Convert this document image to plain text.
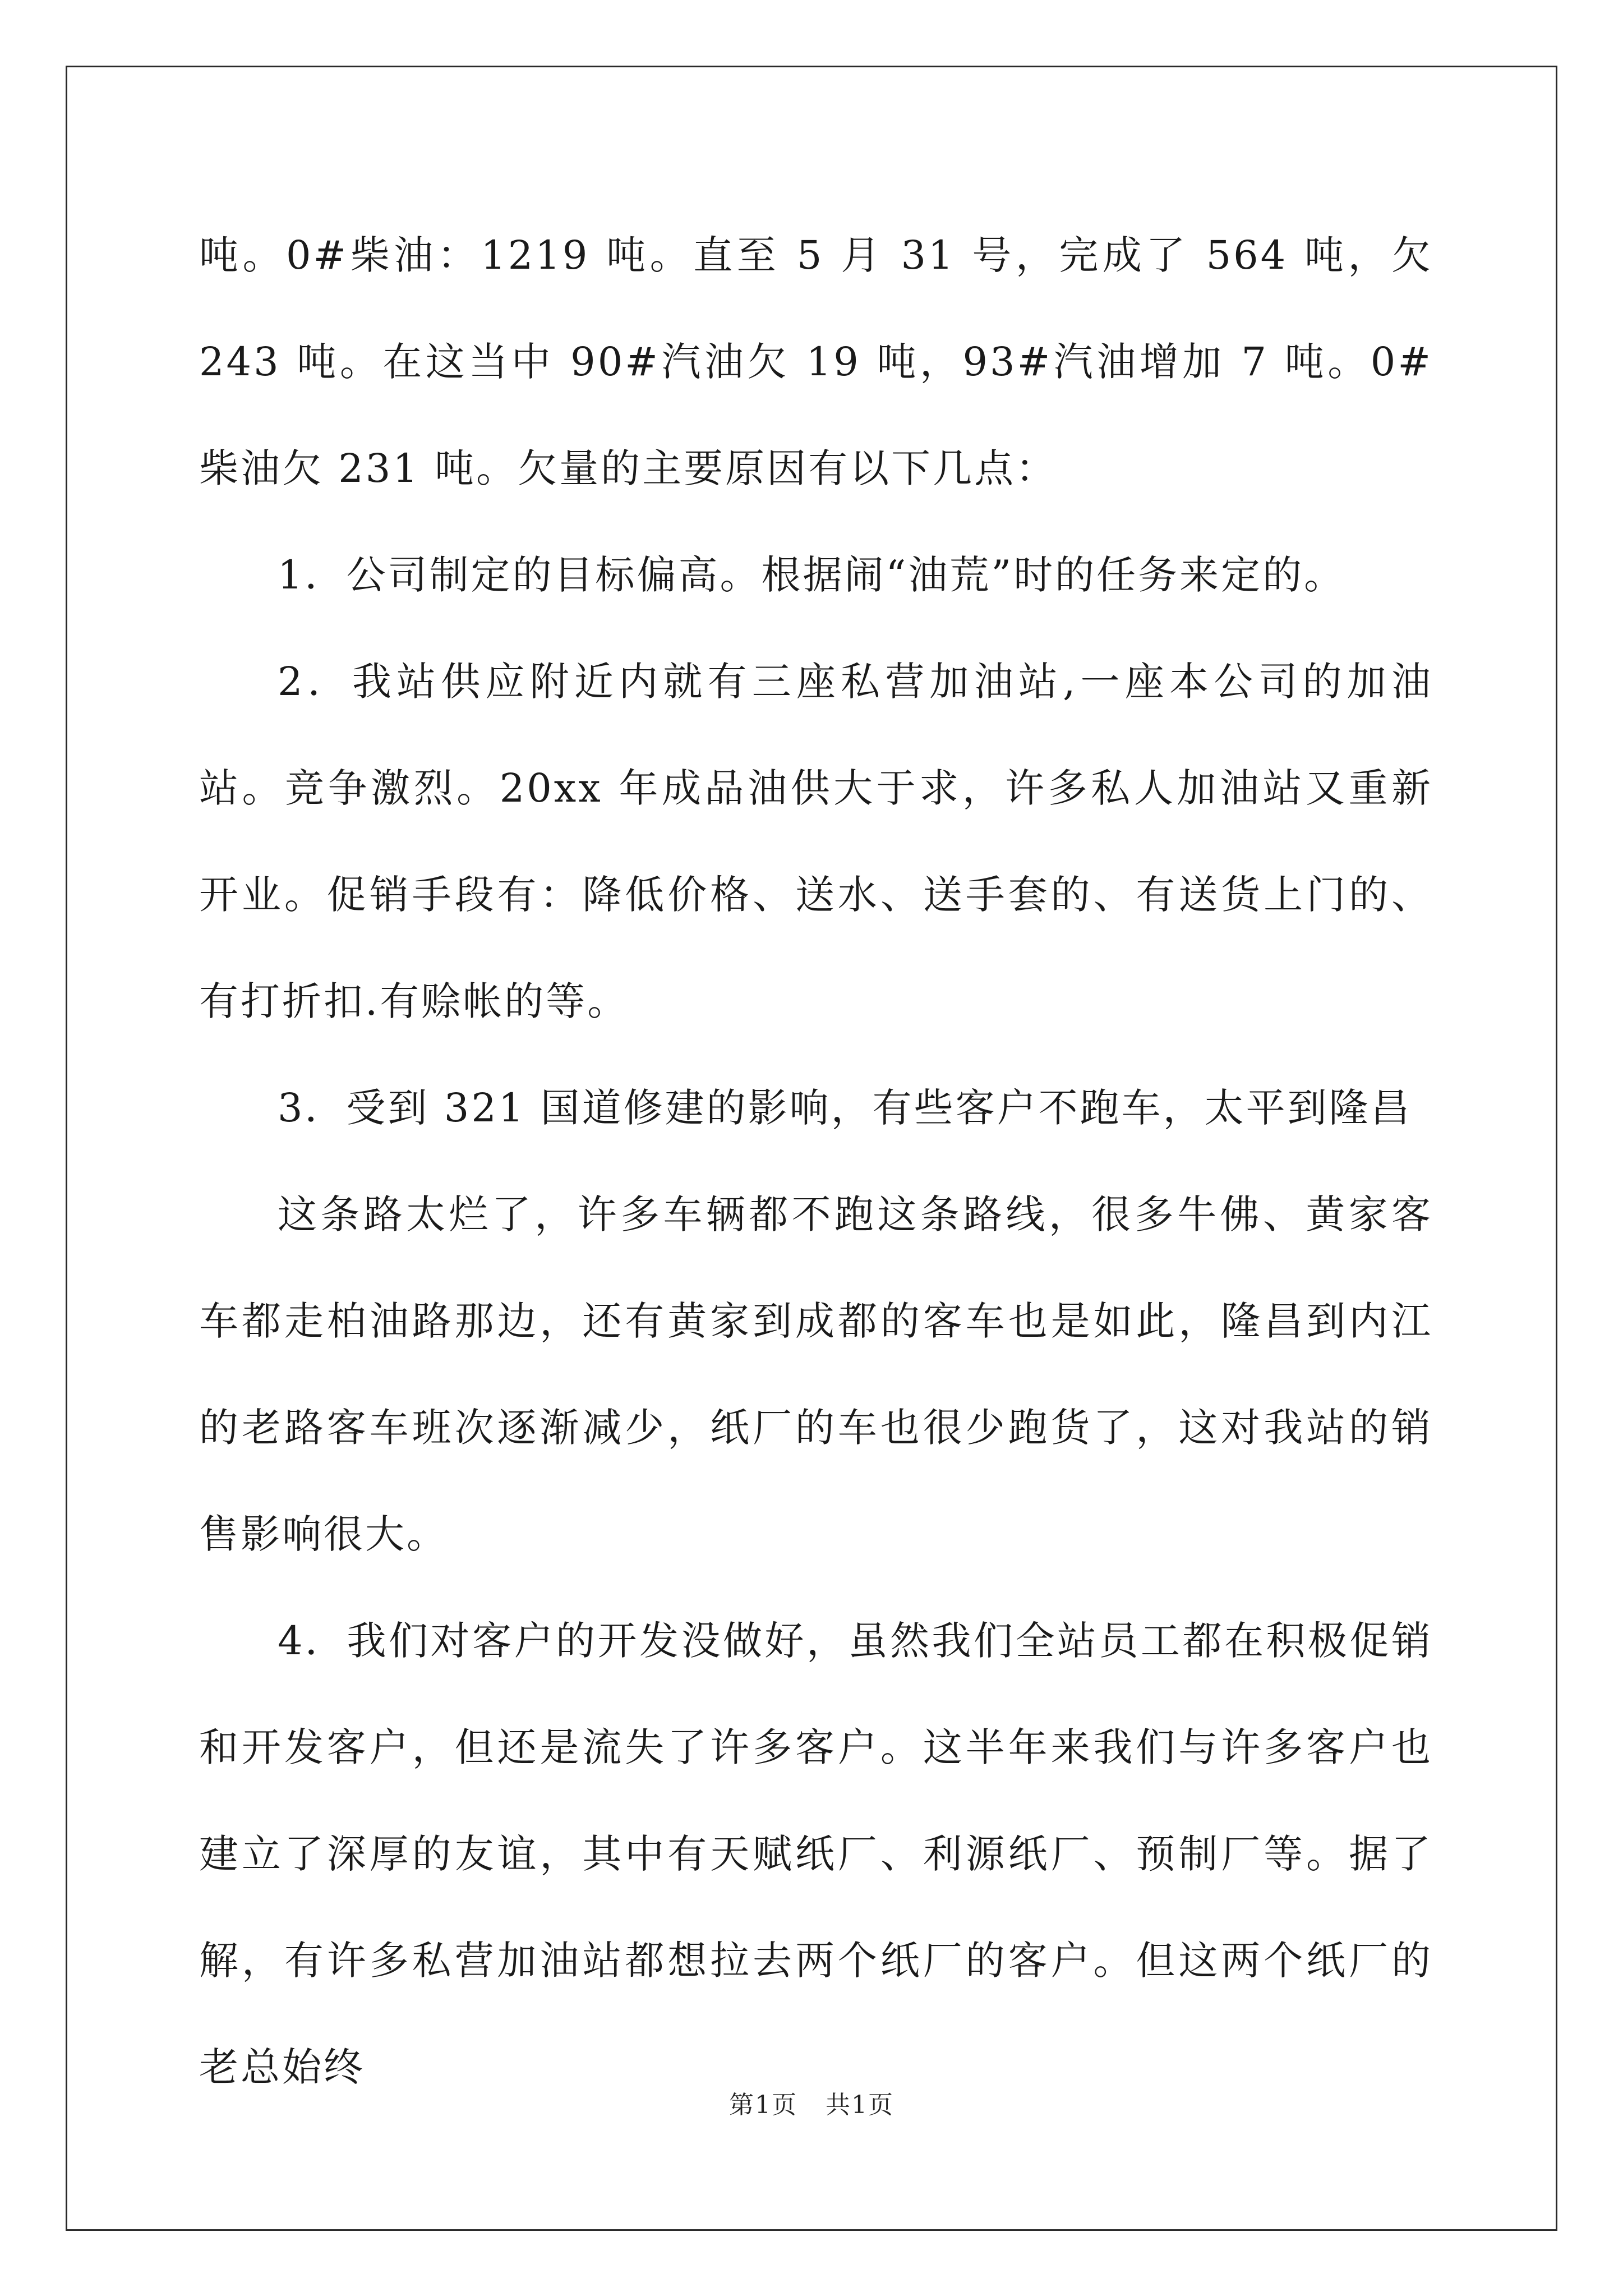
吨。0#柴油：1219 吨。直至 5 月 31 号，完成了 564 吨，欠 243 吨。在这当中 90#汽油欠 19 吨，93#汽油增加 7 吨。0#柴油欠 231 吨。欠量的主要原因有以下几点：

1．公司制定的目标偏高。根据闹“油荒”时的任务来定的。

2．我站供应附近内就有三座私营加油站,一座本公司的加油站。竞争激烈。20xx 年成品油供大于求，许多私人加油站又重新开业。促销手段有：降低价格、送水、送手套的、有送货上门的、有打折扣.有赊帐的等。

3．受到 321 国道修建的影响，有些客户不跑车，太平到隆昌

这条路太烂了，许多车辆都不跑这条路线，很多牛佛、黄家客车都走柏油路那边，还有黄家到成都的客车也是如此，隆昌到内江的老路客车班次逐渐减少，纸厂的车也很少跑货了，这对我站的销售影响很大。

4．我们对客户的开发没做好，虽然我们全站员工都在积极促销和开发客户，但还是流失了许多客户。这半年来我们与许多客户也建立了深厚的友谊，其中有天赋纸厂、利源纸厂、预制厂等。据了解，有许多私营加油站都想拉去两个纸厂的客户。但这两个纸厂的老总始终

第1页 共1页
